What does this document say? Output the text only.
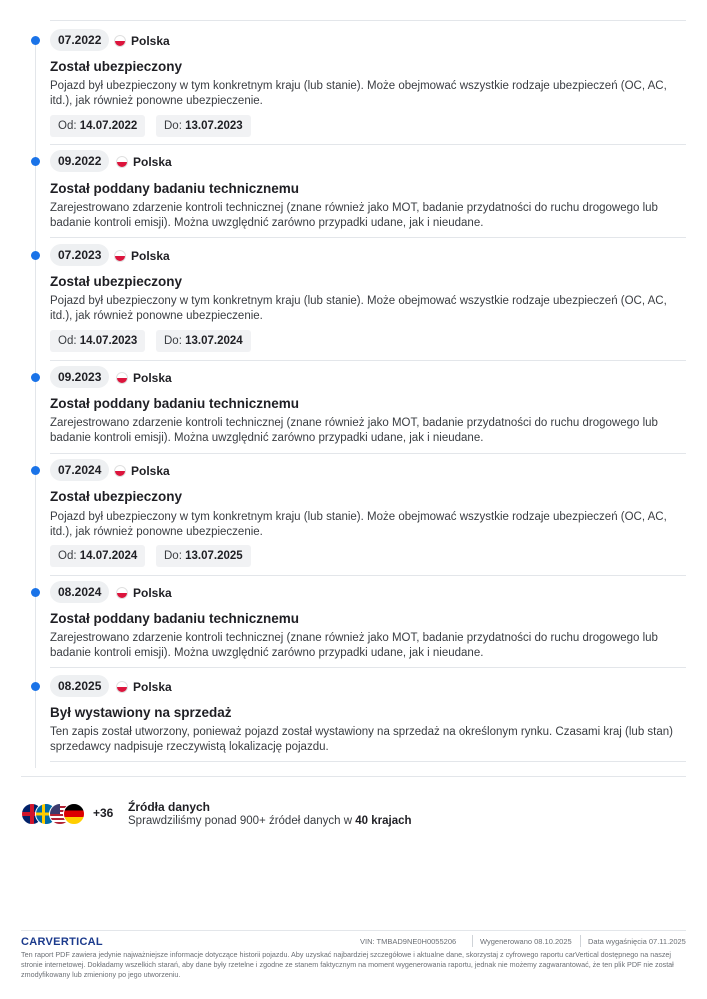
07.2022	Polska
Został ubezpieczony
Pojazd był ubezpieczony w tym konkretnym kraju (lub stanie). Może obejmować wszystkie rodzaje ubezpieczeń (OC, AC, itd.), jak również ponowne ubezpieczenie.
Od: 14.07.2022	Do: 13.07.2023
09.2022	Polska
Został poddany badaniu technicznemu
Zarejestrowano zdarzenie kontroli technicznej (znane również jako MOT, badanie przydatności do ruchu drogowego lub badanie kontroli emisji). Można uwzględnić zarówno przypadki udane, jak i nieudane.
07.2023	Polska
Został ubezpieczony
Pojazd był ubezpieczony w tym konkretnym kraju (lub stanie). Może obejmować wszystkie rodzaje ubezpieczeń (OC, AC, itd.), jak również ponowne ubezpieczenie.
Od: 14.07.2023	Do: 13.07.2024
09.2023	Polska
Został poddany badaniu technicznemu
Zarejestrowano zdarzenie kontroli technicznej (znane również jako MOT, badanie przydatności do ruchu drogowego lub badanie kontroli emisji). Można uwzględnić zarówno przypadki udane, jak i nieudane.
07.2024	Polska
Został ubezpieczony
Pojazd był ubezpieczony w tym konkretnym kraju (lub stanie). Może obejmować wszystkie rodzaje ubezpieczeń (OC, AC, itd.), jak również ponowne ubezpieczenie.
Od: 14.07.2024	Do: 13.07.2025
08.2024	Polska
Został poddany badaniu technicznemu
Zarejestrowano zdarzenie kontroli technicznej (znane również jako MOT, badanie przydatności do ruchu drogowego lub badanie kontroli emisji). Można uwzględnić zarówno przypadki udane, jak i nieudane.
08.2025	Polska
Był wystawiony na sprzedaż
Ten zapis został utworzony, ponieważ pojazd został wystawiony na sprzedaż na określonym rynku. Czasami kraj (lub stan) sprzedawcy nadpisuje rzeczywistą lokalizację pojazdu.
+36 Źródła danych
Sprawdziliśmy ponad 900+ źródeł danych w 40 krajach
CARVERTICAL	VIN: TMBAD9NE0H0055206	Wygenerowano 08.10.2025 Data wygaśnięcia 07.11.2025
Ten raport PDF zawiera jedynie najważniejsze informacje dotyczące historii pojazdu. Aby uzyskać najbardziej szczegółowe i aktualne dane, skorzystaj z cyfrowego raportu carVertical dostępnego na naszej stronie internetowej. Dokładamy wszelkich starań, aby dane były rzetelne i zgodne ze stanem faktycznym na moment wygenerowania raportu, jednak nie możemy zagwarantować, że ten plik PDF nie został zmodyfikowany lub zmieniony po jego utworzeniu.
